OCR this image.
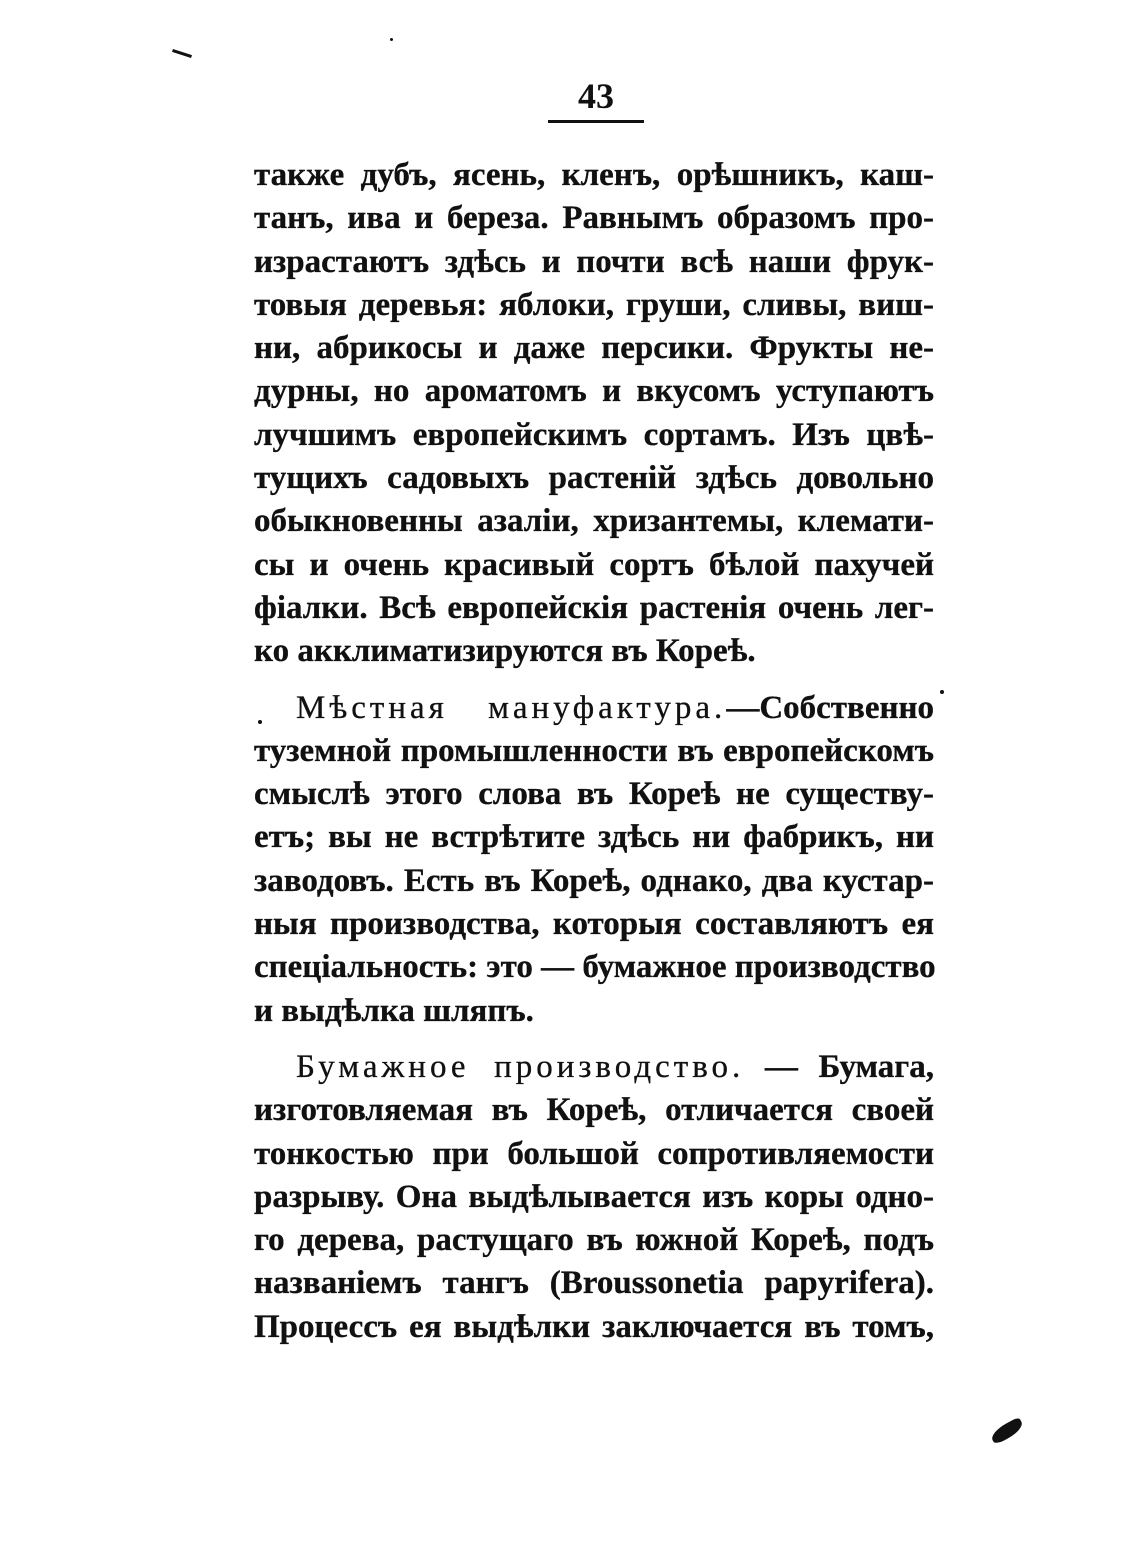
43
также дубъ, ясень, кленъ, орѣшникъ, каш-
танъ, ива и береза. Равнымъ образомъ про-
израстаютъ здѣсь и почти всѣ наши фрук-
товыя деревья: яблоки, груши, сливы, виш-
ни, абрикосы и даже персики. Фрукты не-
дурны, но ароматомъ и вкусомъ уступаютъ
лучшимъ европейскимъ сортамъ. Изъ цвѣ-
тущихъ садовыхъ растеній здѣсь довольно
обыкновенны азаліи, хризантемы, клемати-
сы и очень красивый сортъ бѣлой пахучей
фіалки. Всѣ европейскія растенія очень лег-
ко акклиматизируются въ Кореѣ.
Мѣстная мануфактура.—Собственно
туземной промышленности въ европейскомъ
смыслѣ этого слова въ Кореѣ не существу-
етъ; вы не встрѣтите здѣсь ни фабрикъ, ни
заводовъ. Есть въ Кореѣ, однако, два кустар-
ныя производства, которыя составляютъ ея
спеціальность: это — бумажное производство
и выдѣлка шляпъ.
Бумажное производство. — Бумага,
изготовляемая въ Кореѣ, отличается своей
тонкостью при большой сопротивляемости
разрыву. Она выдѣлывается изъ коры одно-
го дерева, растущаго въ южной Кореѣ, подъ
названіемъ тангъ (Broussonetia papyrifera).
Процессъ ея выдѣлки заключается въ томъ,
